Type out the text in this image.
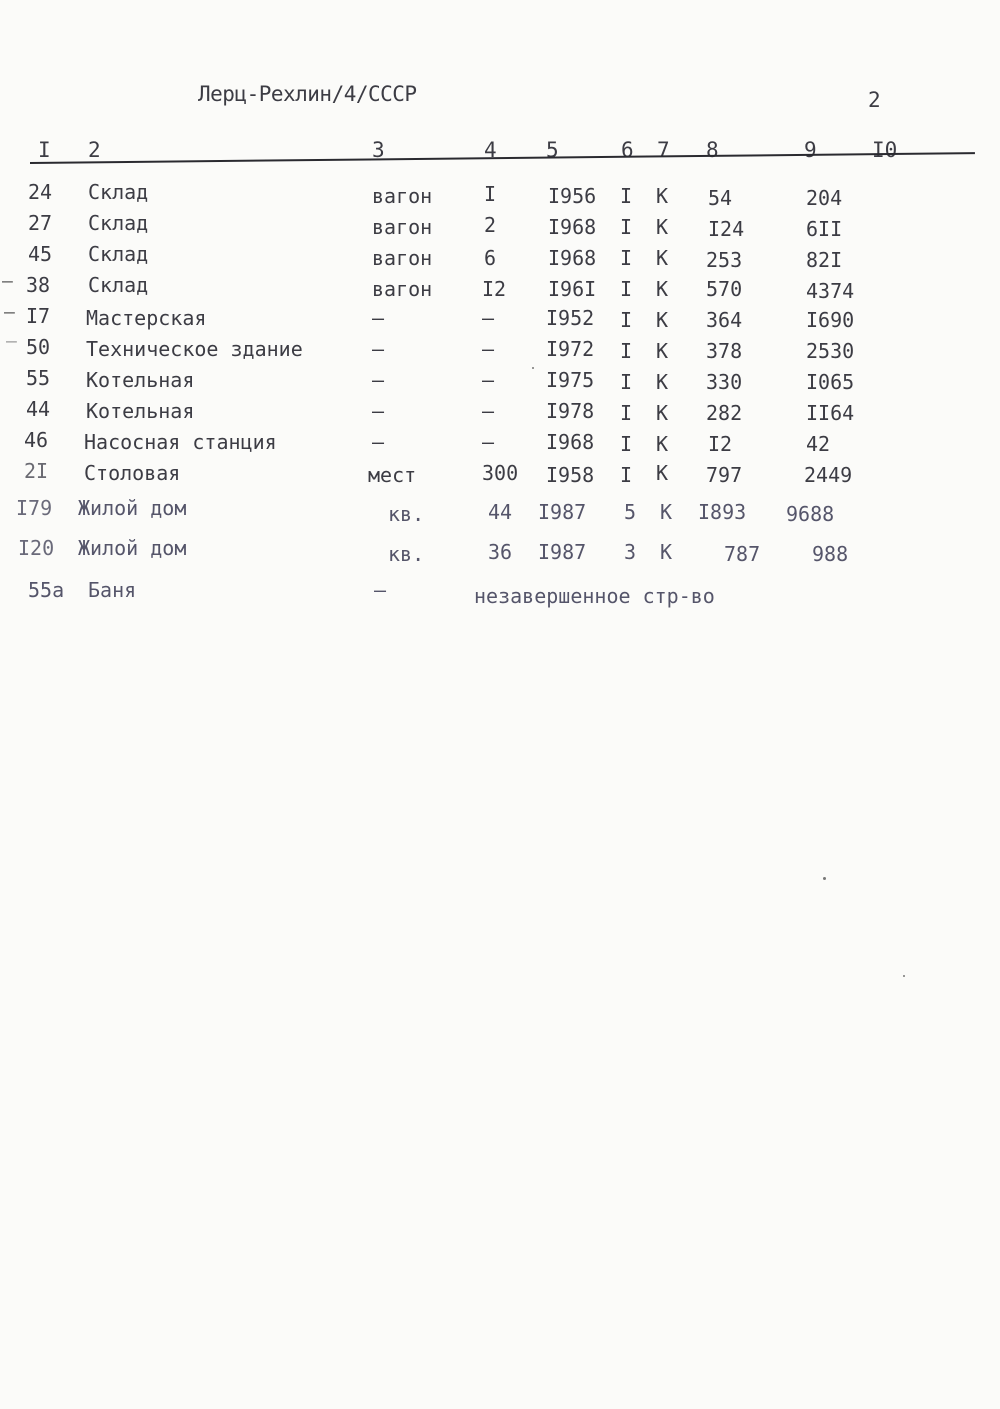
Лерц-Рехлин/4/СССР	2
I 2	3	4 5	6 7 8	9	I0
24 Склад	вагон	I	I956 I К 54	204
27 Склад	вагон	2	I968 I К I24	6II
45 Склад	вагон	6	I968 I К 253	82I
– 38 Склад	вагон I2 I96I I К 570	4374
– I7 Мастерская	–	–	I952 I К 364	I690
– 50 Техническое здание	–	–	I972 I К 378	2530
55 Котельная	–	–	I975 I К 330	I065
44 Котельная	–	–	I978 I К 282	II64
46 Насосная станция	–	–	I968 I К I2	42
2I Столовая	мест	300 I958 I К 797	2449
I79 Жилой дом	кв.	44 I987 5 К I893 9688
I20 Жилой дом	кв.	36 I987 3 К	787	988
55а Баня	–	незавершенное стр-во
